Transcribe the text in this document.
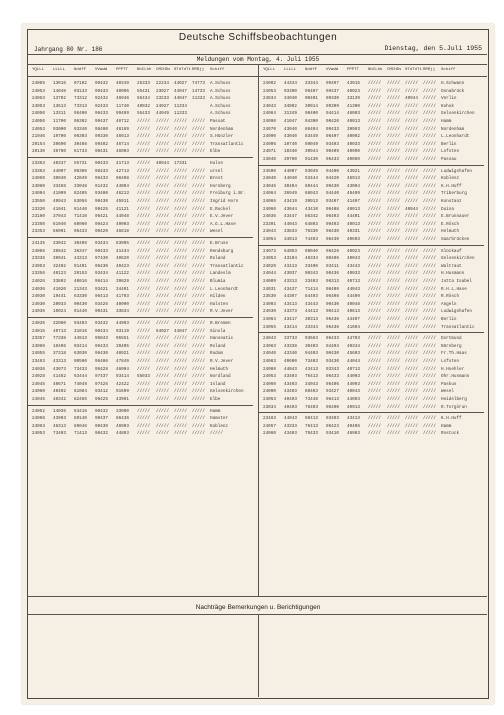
Deutsche Schiffsbeobachtungen
Jahrgang 80 Nr. 186	Dienstag, den 5.Juli 1955
Meldungen vom Montag, 4. Juli 1955
YQLLL LLLLL NddfF VVwwW PPPTT NhCLhh CMCHDs 0TdTdTt RRRjj Schiff	YQLLL LLLLL NddfF VVwwW PPPTT NhCLhh CMCHDs 0TdTdTt RRRjj Schiff
24065 13016 07102 99432 40349 25333 22234 44027 74773 A.Schuss
24053 14048 03133 99433 40006 55431 23027 44047 14733 A.Schuss
24053 13702 73312 92432 46946 55434 23233 44047 11333 A.Schuss
24053 13613 73313 92433 11740 40032 24027 11334	A.Schuss
24050 13311 96400 96433 99499 55433 44049 11333	A.Schuss
24050 11700 06302 99437 46712 ///// ///// ///// ///// Passat
24053 03000 93340 98400 46169 ///// ///// ///// ///// Nordenham
21046 10700 06303 99330 46913 ///// ///// ///// ///// S.Hünzler
20154 39600 30408 99402 46714 ///// ///// ///// ///// Transatlantic
20130 36700 61733 90431 46003 ///// ///// ///// ///// Elbe
23363 40347 55731 90433 41713 ///// 40944 17331	Hulse
23363 44007 06306 98433 42713 ///// ///// ///// ///// ursel
24050 30040 42049 96433 98408 ///// ///// ///// ///// Brest
24060 33468 33048 91432 44004 ///// ///// ///// ///// Hornberg
24004 41009 82405 93400 46213 ///// ///// ///// ///// Freiburg i.Br.
23550 40943 83056 90430 45911 ///// ///// ///// ///// Ingrid Horn
23320 41041 61440 99425 41121 ///// ///// ///// ///// E.Ruckel
23160 37043 71410 96421 44048 ///// ///// ///// ///// E.V.Jever
23350 61040 60060 99424 49003 ///// ///// ///// ///// A.G.L.Hase
23353 66001 05433 90420 46818 ///// ///// ///// ///// Wesel
24135 33042 30408 93434 83905 ///// ///// ///// ///// E.Bruse
24086 36942 36347 90433 41434 ///// ///// ///// ///// Rendsburg
23336 39941 43313 97430 40620 ///// ///// ///// ///// Roland
24053 32402 91401 96430 40423 ///// ///// ///// ///// Transatlantic
23356 40123 20153 93434 41122 ///// ///// ///// ///// Landeslm
24026 33802 40016 96414 39829 ///// ///// ///// ///// Blumia
24036 41020 21343 93421 34401 ///// ///// ///// ///// L.Leonhardt
24030 19441 63330 96413 41703 ///// ///// ///// ///// Hilden
24030 20033 90430 93426 40090 ///// ///// ///// ///// Halsten
24036 10024 91440 90431 33834 ///// ///// ///// ///// R.V.Jever
24036 32080 93403 93432 44903 ///// ///// ///// ///// R.Bremen
24015 40713 31016 90434 93119 ///// 64027 44047 ///// Sinola
23357 77338 44913 95043 95551 ///// ///// ///// ///// Hanseatic
24060 10406 03414 96433 39405 ///// ///// ///// ///// Roland
24055 37318 63030 96430 40921 ///// ///// ///// ///// Rudom
23463 43313 90500 96406 47849 ///// ///// ///// ///// R.V.Jever
24036 43073 73433 96428 46094 ///// ///// ///// ///// Helmuth
24028 41462 63444 97437 93414 55033 ///// ///// ///// Nordland
24045 40671 74049 97426 42422 ///// ///// ///// ///// Island
24060 40402 61084 93412 91609 ///// ///// ///// ///// Gelsenkirchen
24045 40342 82466 96425 43901 ///// ///// ///// ///// Elbe
24052 14036 63416 90432 33000 ///// ///// ///// ///// Hamm
24008 43903 89140 90437 86436 ///// ///// ///// ///// Hamster
24063 46313 89046 90430 46903 ///// ///// ///// ///// Koblenz
24053 73403 71413 90432 44803 ///// ///// ///// ///// /////
24002 44344 33344 99407 43915 ///// ///// ///// ///// H.Schwann
24053 03300 96497 99437 40023 ///// ///// ///// ///// Osnabrück
24034 34040 00401 99330 33139 ///// ///// 40944 ///// Verlin
24043 34002 30014 99309 41300 ///// ///// ///// ///// Kohok
24064 31349 90400 94414 46003 ///// ///// ///// ///// Gelsenkirchen
24090 41047 94300 90420 40013 ///// ///// ///// ///// Hamm
24070 43040 86404 99433 39993 ///// ///// ///// ///// Nordenham
24090 43040 83449 96407 40092 ///// ///// ///// ///// L.Leonhardt
24006 10740 89049 93403 40033 ///// ///// ///// ///// Berlin
24071 10340 39944 90409 40990 ///// ///// ///// ///// Lofoten
24040 39700 91430 96433 40060 ///// ///// ///// ///// Passau
24500 44007 93049 94400 43021 ///// ///// ///// ///// Ludwigshafen
24040 44040 53444 94420 46913 ///// ///// ///// ///// Koblenz
24046 30404 60444 99430 43004 ///// ///// ///// ///// K.H.Huff
24064 36949 68043 94440 46409 ///// ///// ///// ///// Triberburg
24066 43419 39913 93407 41407 ///// ///// ///// ///// Konstanz
24060 43044 43410 96408 40013 ///// ///// 40944 ///// Duina
24036 43447 86342 96403 44401 ///// ///// ///// ///// E.Brunnauer
23301 44043 64803 99403 40013 ///// ///// ///// ///// E.Rösch
24043 33833 76330 98430 40331 ///// ///// ///// ///// Helmuth
24054 34013 74493 98430 40603 ///// ///// ///// ///// Saarbrücken
24073 54053 60040 96426 40023 ///// ///// ///// ///// Glückauf
24053 43104 46334 90406 40043 ///// ///// ///// ///// Gelsenkirchen
24020 43413 33400 93411 43443 ///// ///// ///// ///// Waltraut
24044 43037 90343 90436 40033 ///// ///// ///// ///// H.Husmann
24009 43313 33403 96313 40713 ///// ///// ///// ///// Jutta Isabel
24031 43437 71414 98406 44043 ///// ///// ///// ///// R.H.L.Hase
23530 44397 84493 96408 44409 ///// ///// ///// ///// R.Rösch
24003 43413 43443 90430 40048 ///// ///// ///// ///// Angeln
24030 43373 44413 90413 40613 ///// ///// ///// ///// Ludwigshafen
24064 43417 30313 96436 44407 ///// ///// ///// ///// Berlin
24055 43414 33344 96436 41604 ///// ///// ///// ///// Transatlantic
24043 33733 93663 96433 44703 ///// ///// ///// ///// Dortmund
24063 43338 30403 94404 40344 ///// ///// ///// ///// Nürnberg
24040 43340 94403 90430 45603 ///// ///// ///// ///// Fr.Th.Haas
24063 40600 73403 93430 44044 ///// ///// ///// ///// Lofoten
24060 44043 43413 93343 40713 ///// ///// ///// ///// H.Hoehler
24053 43403 76413 96433 44003 ///// ///// ///// ///// Ohr.Husmann
24060 43403 34043 96406 44093 ///// ///// ///// ///// Paskus
24000 43403 60403 93427 40043 ///// ///// ///// ///// Wesel
24053 40403 73448 96413 44003 ///// ///// ///// ///// Heidelberg
23034 40403 76403 96400 40913 ///// ///// ///// ///// R.Torgörun
23483 44043 60413 93403 43413 ///// ///// ///// ///// K.H.Huff
24057 43333 76413 96423 40406 ///// ///// ///// ///// Hamm
24060 43403 79433 93410 46903 ///// ///// ///// ///// Rostock
Nachträge Bemerkungen u. Berichtigungen
